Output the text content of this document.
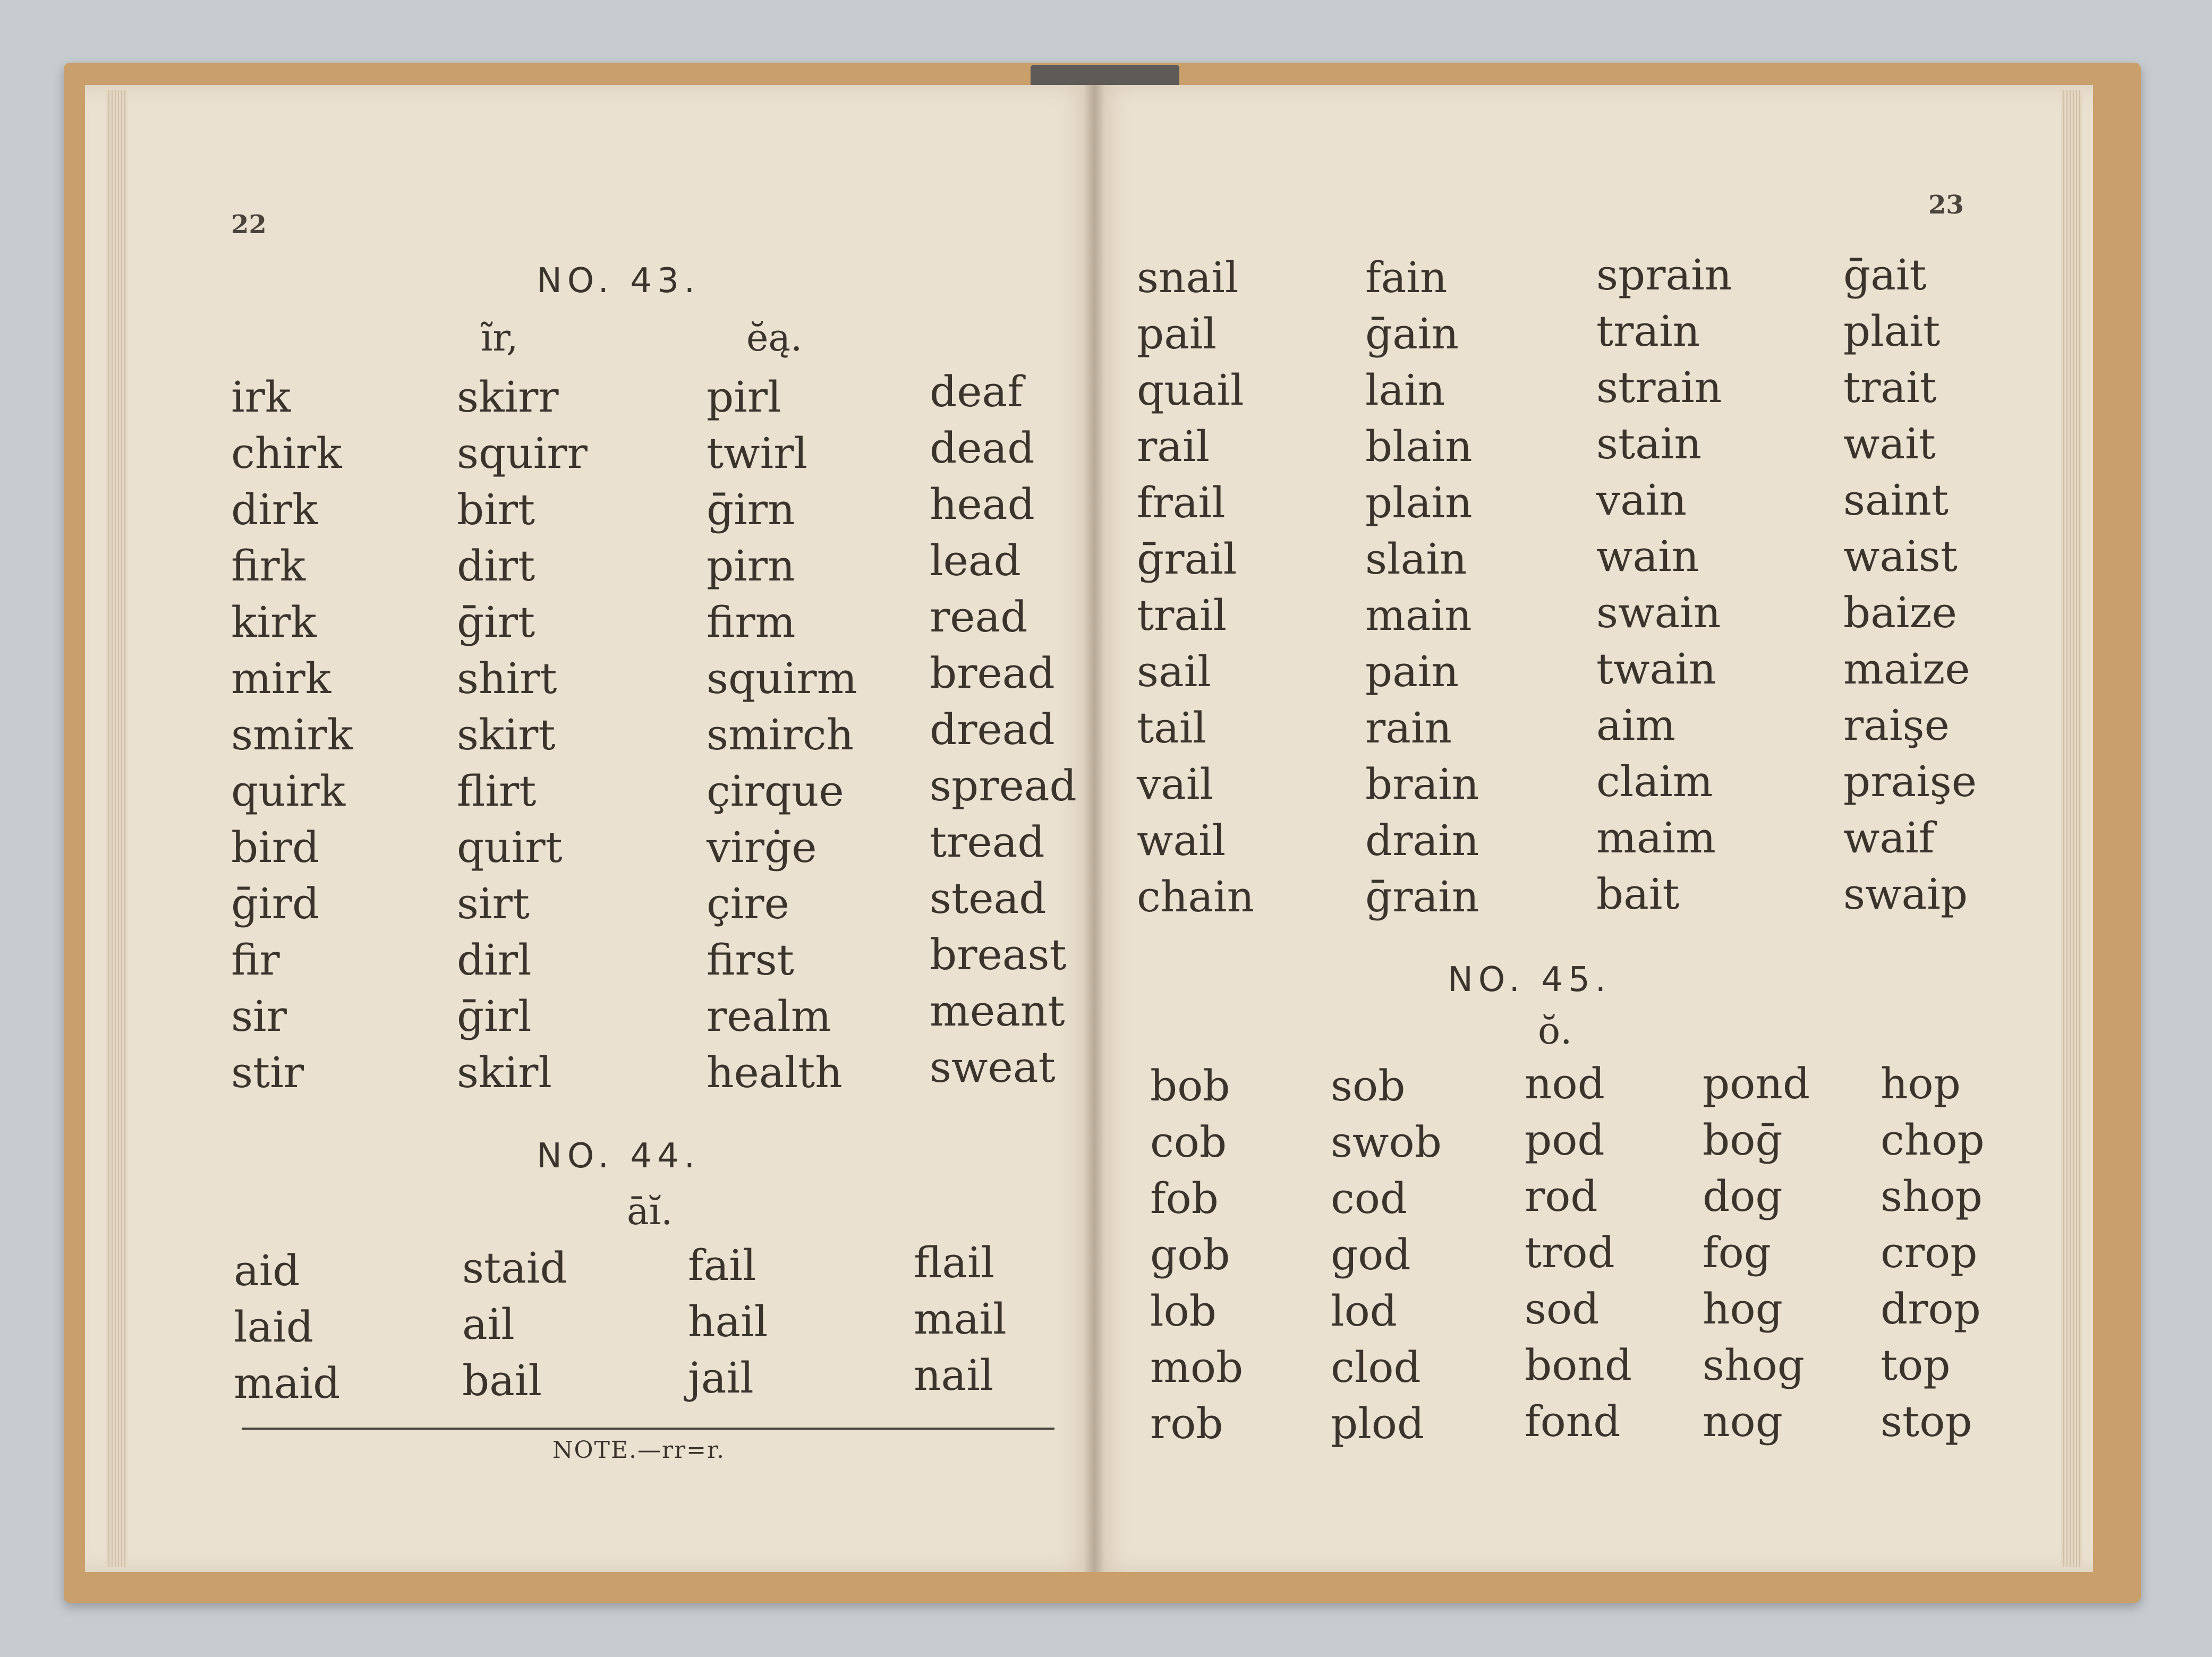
22
NO. 43.
ĩr,	ĕą.
irk
chirk
dirk
firk
kirk
mirk
smirk
quirk
bird
ḡird
fir
sir
stir
skirr
squirr
birt
dirt
ḡirt
shirt
skirt
flirt
quirt
sirt
dirl
ḡirl
skirl
pirl
twirl
ḡirn
pirn
firm
squirm
smirch
çirque
virġe
çire
first
realm
health
deaf
dead
head
lead
read
bread
dread
spread
tread
stead
breast
meant
sweat
NO. 44.
āĭ.
aid
laid
maid
staid
ail
bail
fail
hail
jail
flail
mail
nail
NOTE.—rr=r.
23
snail
pail
quail
rail
frail
ḡrail
trail
sail
tail
vail
wail
chain
fain
ḡain
lain
blain
plain
slain
main
pain
rain
brain
drain
ḡrain
sprain
train
strain
stain
vain
wain
swain
twain
aim
claim
maim
bait
ḡait
plait
trait
wait
saint
waist
baize
maize
raişe
praişe
waif
swaip
NO. 45.
ŏ.
bob
cob
fob
gob
lob
mob
rob
sob
swob
cod
god
lod
clod
plod
nod
pod
rod
trod
sod
bond
fond
pond
boḡ
dog
fog
hog
shog
nog
hop
chop
shop
crop
drop
top
stop
